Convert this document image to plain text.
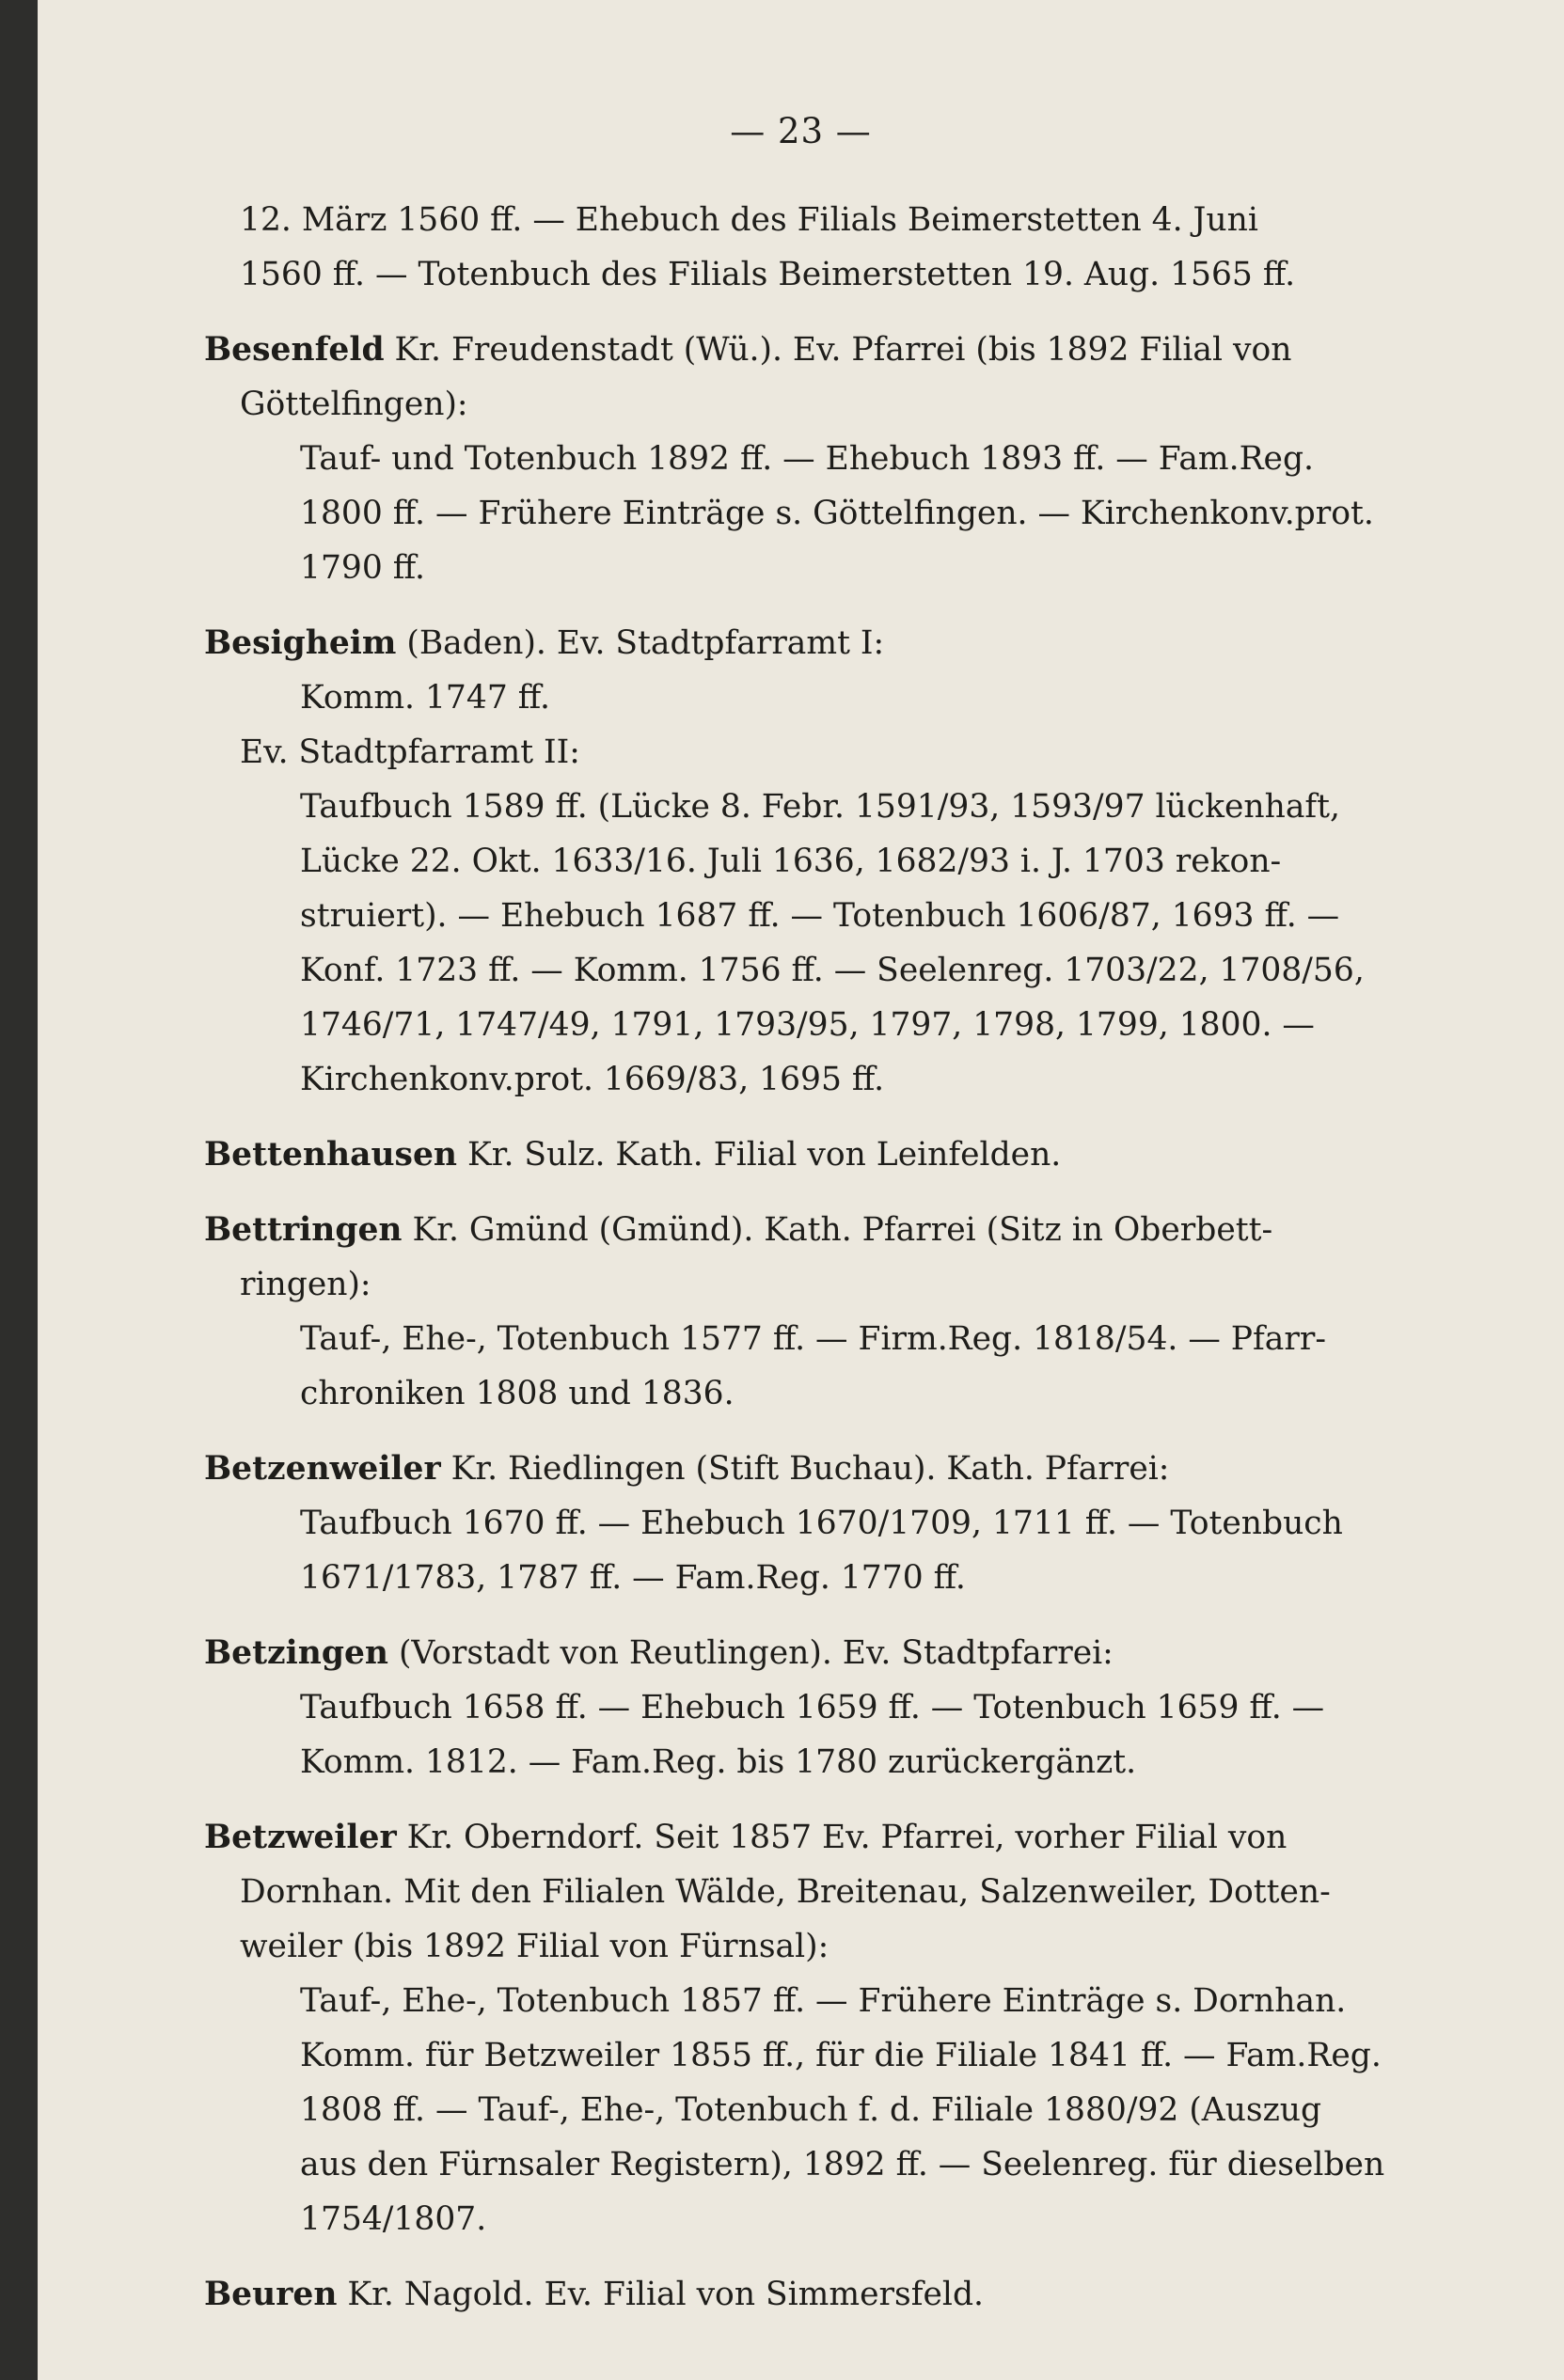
— 23 —
12. März 1560 ff. — Ehebuch des Filials Beimerstetten 4. Juni
1560 ff. — Totenbuch des Filials Beimerstetten 19. Aug. 1565 ff.
Besenfeld Kr. Freudenstadt (Wü.). Ev. Pfarrei (bis 1892 Filial von
Göttelfingen):
Tauf- und Totenbuch 1892 ff. — Ehebuch 1893 ff. — Fam.Reg.
1800 ff. — Frühere Einträge s. Göttelfingen. — Kirchenkonv.prot.
1790 ff.
Besigheim (Baden). Ev. Stadtpfarramt I:
Komm. 1747 ff.
Ev. Stadtpfarramt II:
Taufbuch 1589 ff. (Lücke 8. Febr. 1591/93, 1593/97 lückenhaft,
Lücke 22. Okt. 1633/16. Juli 1636, 1682/93 i. J. 1703 rekon-
struiert). — Ehebuch 1687 ff. — Totenbuch 1606/87, 1693 ff. —
Konf. 1723 ff. — Komm. 1756 ff. — Seelenreg. 1703/22, 1708/56,
1746/71, 1747/49, 1791, 1793/95, 1797, 1798, 1799, 1800. —
Kirchenkonv.prot. 1669/83, 1695 ff.
Bettenhausen Kr. Sulz. Kath. Filial von Leinfelden.
Bettringen Kr. Gmünd (Gmünd). Kath. Pfarrei (Sitz in Oberbett-
ringen):
Tauf-, Ehe-, Totenbuch 1577 ff. — Firm.Reg. 1818/54. — Pfarr-
chroniken 1808 und 1836.
Betzenweiler Kr. Riedlingen (Stift Buchau). Kath. Pfarrei:
Taufbuch 1670 ff. — Ehebuch 1670/1709, 1711 ff. — Totenbuch
1671/1783, 1787 ff. — Fam.Reg. 1770 ff.
Betzingen (Vorstadt von Reutlingen). Ev. Stadtpfarrei:
Taufbuch 1658 ff. — Ehebuch 1659 ff. — Totenbuch 1659 ff. —
Komm. 1812. — Fam.Reg. bis 1780 zurückergänzt.
Betzweiler Kr. Oberndorf. Seit 1857 Ev. Pfarrei, vorher Filial von
Dornhan. Mit den Filialen Wälde, Breitenau, Salzenweiler, Dotten-
weiler (bis 1892 Filial von Fürnsal):
Tauf-, Ehe-, Totenbuch 1857 ff. — Frühere Einträge s. Dornhan.
Komm. für Betzweiler 1855 ff., für die Filiale 1841 ff. — Fam.Reg.
1808 ff. — Tauf-, Ehe-, Totenbuch f. d. Filiale 1880/92 (Auszug
aus den Fürnsaler Registern), 1892 ff. — Seelenreg. für dieselben
1754/1807.
Beuren Kr. Nagold. Ev. Filial von Simmersfeld.
